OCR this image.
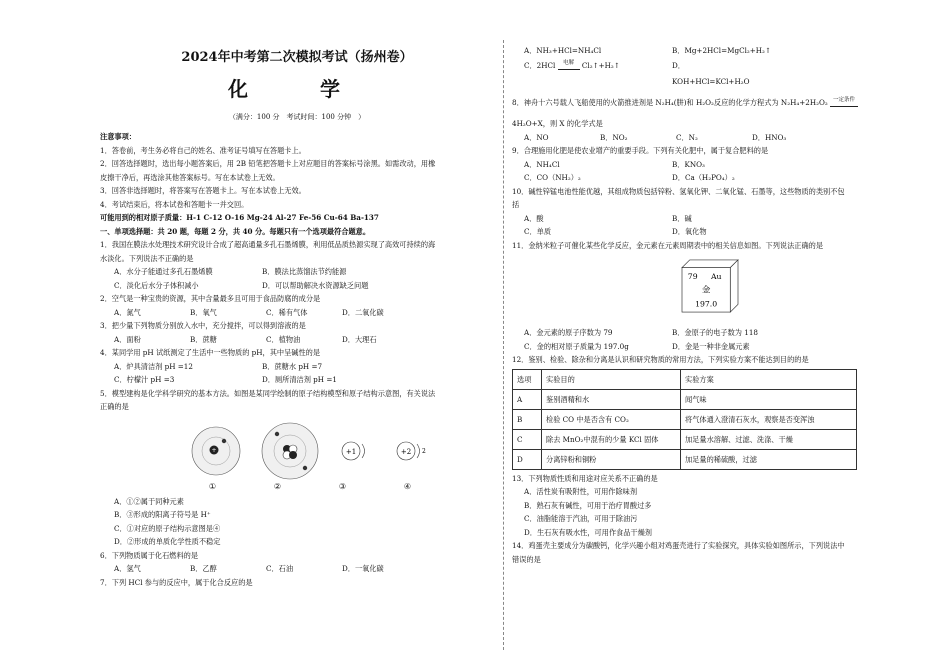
2024年中考第二次模拟考试（扬州卷）
化　学
（满分：100 分　考试时间：100 分钟　）

注意事项：

1．答卷前，考生务必将自己的姓名、准考证号填写在答题卡上。

2．回答选择题时，选出每小题答案后，用 2B 铅笔把答题卡上对应题目的答案标号涂黑。如需改动，用橡

皮擦干净后，再选涂其他答案标号。写在本试卷上无效。

3．回答非选择题时，将答案写在答题卡上。写在本试卷上无效。

4．考试结束后，将本试卷和答题卡一并交回。

可能用到的相对原子质量：H-1 C-12 O-16 Mg-24 Al-27 Fe-56 Cu-64 Ba-137

一、单项选择题：共 20 题，每题 2 分，共 40 分。每题只有一个选项最符合题意。

1．我国在膜法水处理技术研究设计合成了超高通量多孔石墨烯膜，利用低品质热源实现了高效可持续的海

水淡化。下列说法不正确的是

A．水分子能通过多孔石墨烯膜	B．膜法比蒸馏法节约能源
C．淡化后水分子体积减小	D．可以帮助解决水资源缺乏问题

2．空气是一种宝贵的资源，其中含量最多且可用于食品防腐的成分是

A．氮气	B．氧气	C．稀有气体	D．二氧化碳

3．把少量下列物质分别放入水中，充分搅拌，可以得到溶液的是

A．面粉	B．蔗糖	C．植物油	D．大理石

4．某同学用 pH 试纸测定了生活中一些物质的 pH，其中呈碱性的是

A．炉具清洁剂 pH =12	B．蔗糖水 pH =7
C．柠檬汁 pH =3	D．厕所清洁剂 pH =1

5．模型建构是化学科学研究的基本方法。如图是某同学绘制的原子结构模型和原子结构示意图，有关说法

正确的是

+	+1	+2 2
①	②	③	④
A．①②属于同种元素
B．③形成的阳离子符号是 H⁺
C．①对应的原子结构示意图是④
D．②形成的单质化学性质不稳定

6．下列物质属于化石燃料的是

A．氢气	B．乙醇	C．石油	D．一氧化碳

7．下列 HCl 参与的反应中，属于化合反应的是

A．NH₃+HCl=NH₄Cl	B．Mg+2HCl=MgCl₂+H₂↑
C．2HCl 电解 Cl₂↑+H₂↑	D．
KOH+HCl=KCl+H₂O

8．神舟十六号载人飞船使用的火箭推进剂是 N₂H₄(肼)和 H₂O₂反应的化学方程式为 N₂H₄+2H₂O₂ 一定条件

4H₂O+X，则 X 的化学式是

A．NO	B．NO₂	C．N₂	D．HNO₃

9．合理施用化肥是使农业增产的重要手段。下列有关化肥中，属于复合肥料的是

A．NH₄Cl	B．KNO₃
C．CO（NH₂）₂	D．Ca（H₂PO₄）₂

10．碱性锌锰电池性能优越，其组成物质包括锌粉、氢氧化钾、二氧化锰、石墨等，这些物质的类别不包

括

A．酸	B．碱
C．单质	D．氧化物

11．金纳米粒子可催化某些化学反应，金元素在元素周期表中的相关信息如图。下列说法正确的是

79 Au
金
197.0
A．金元素的原子序数为 79	B．金原子的电子数为 118
C．金的相对原子质量为 197.0g	D．金是一种非金属元素

12．鉴别、检验、除杂和分离是认识和研究物质的常用方法，下列实验方案不能达到目的的是

选项	实验目的	实验方案
A	鉴别酒精和水	闻气味
B	检验 CO 中是否含有 CO₂	将气体通入澄清石灰水，观察是否变浑浊
C	除去 MnO₂中混有的少量 KCl 固体	加足量水溶解、过滤、洗涤、干燥
D	分离锌粉和铜粉	加足量的稀硫酸，过滤

13．下列物质性质和用途对应关系不正确的是

A．活性炭有吸附性，可用作除味剂
B．熟石灰有碱性，可用于治疗胃酸过多
C．油脂能溶于汽油，可用于除油污
D．生石灰有吸水性，可用作食品干燥剂

14．鸡蛋壳主要成分为碳酸钙，化学兴趣小组对鸡蛋壳进行了实验探究，具体实验如图所示，下列说法中

错误的是
